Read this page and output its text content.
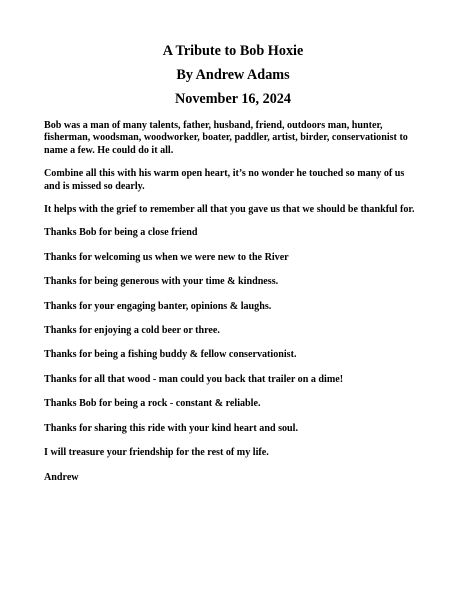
A Tribute to Bob Hoxie
By Andrew Adams
November 16, 2024

Bob was a man of many talents, father, husband, friend, outdoors man, hunter, fisherman, woodsman, woodworker, boater, paddler, artist, birder, conservationist to name a few. He could do it all.

Combine all this with his warm open heart, it’s no wonder he touched so many of us and is missed so dearly.

It helps with the grief to remember all that you gave us that we should be thankful for.

Thanks Bob for being a close friend

Thanks for welcoming us when we were new to the River

Thanks for being generous with your time & kindness.

Thanks for your engaging banter, opinions & laughs.

Thanks for enjoying a cold beer or three.

Thanks for being a fishing buddy & fellow conservationist.

Thanks for all that wood - man could you back that trailer on a dime!

Thanks Bob for being a rock - constant & reliable.

Thanks for sharing this ride with your kind heart and soul.

I will treasure your friendship for the rest of my life.

Andrew
